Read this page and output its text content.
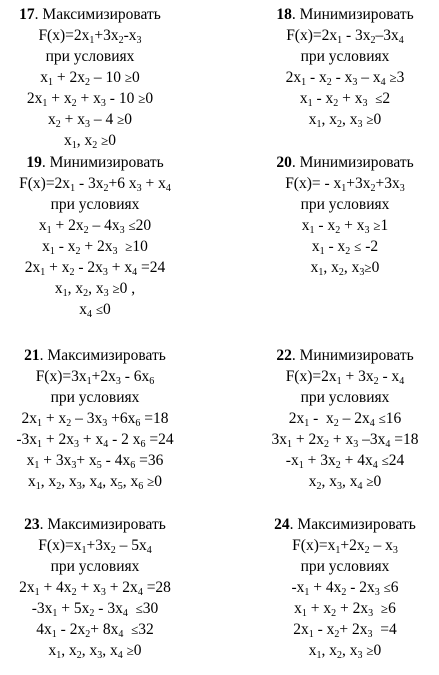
17. Максимизировать
$F(x)=2x_1+3x_2-x_3$
при условиях
$x_1 + 2x_2 - 10 \ge 0$
$2x_1 + x_2 + x_3 - 10 \ge 0$
$x_2 + x_3 - 4 \ge 0$
$x_1$, $x_2 \ge 0$
18. Минимизировать
$F(x)=2x_1 - 3x_2-3x_4$
при условиях
$2x_1 - x_2 - x_3 - x_4 \ge 3$
$x_1 - x_2 + x_3 \le 2$
$x_1$, $x_2$, $x_3 \ge 0$
19. Минимизировать
$F(x)=2x_1 - 3x_2+6$ $x_3 + x_4$
при условиях
$x_1 + 2x_2 - 4x_3 \le 20$
$x_1 - x_2 + 2x_3 \ge 10$
$2x_1 + x_2 - 2x_3 + x_4 =24$
$x_1$, $x_2$, $x_3 \ge 0$ ,
$x_4 \le 0$
20. Минимизировать
$F(x)= - x_1+3x_2+3x_3$
при условиях
$x_1 - x_2 + x_3 \ge 1$
$x_1 - x_2 \le -2$
$x_1$, $x_2$, $x_3\ge 0$
21. Максимизировать
$F(x)=3x_1+2x_3 - 6x_6$
при условиях
$2x_1 + x_2 - 3x_3 +6x_6 =18$
$-3x_1 + 2x_3 + x_4 - 2$ $x_6 =24$
$x_1 + 3x_3+ x_5 - 4x_6 =36$
$x_1$, $x_2$, $x_3$, $x_4$, $x_5$, $x_6 \ge 0$
22. Минимизировать
$F(x)=2x_1 + 3x_2 - x_4$
при условиях
$2x_1 - x_2 - 2x_4 \le 16$
$3x_1 + 2x_2 + x_3$ $-3x_4 =18$
$-x_1 + 3x_2 + 4x_4 \le 24$
$x_2$, $x_3$, $x_4 \ge 0$
23. Максимизировать
$F(x)=x_1+3x_2 - 5x_4$
при условиях
$2x_1 + 4x_2 + x_3 + 2x_4 =28$
$-3x_1 + 5x_2 - 3x_4 \le 30$
$4x_1 - 2x_2+ 8x_4 \le 32$
$x_1$, $x_2$, $x_3$, $x_4 \ge 0$
24. Максимизировать
$F(x)=x_1+2x_2 - x_3$
при условиях
$-x_1 + 4x_2 - 2x_3 \le 6$
$x_1 + x_2 + 2x_3 \ge 6$
$2x_1 - x_2+ 2x_3 =4$
$x_1$, $x_2$, $x_3 \ge 0$
